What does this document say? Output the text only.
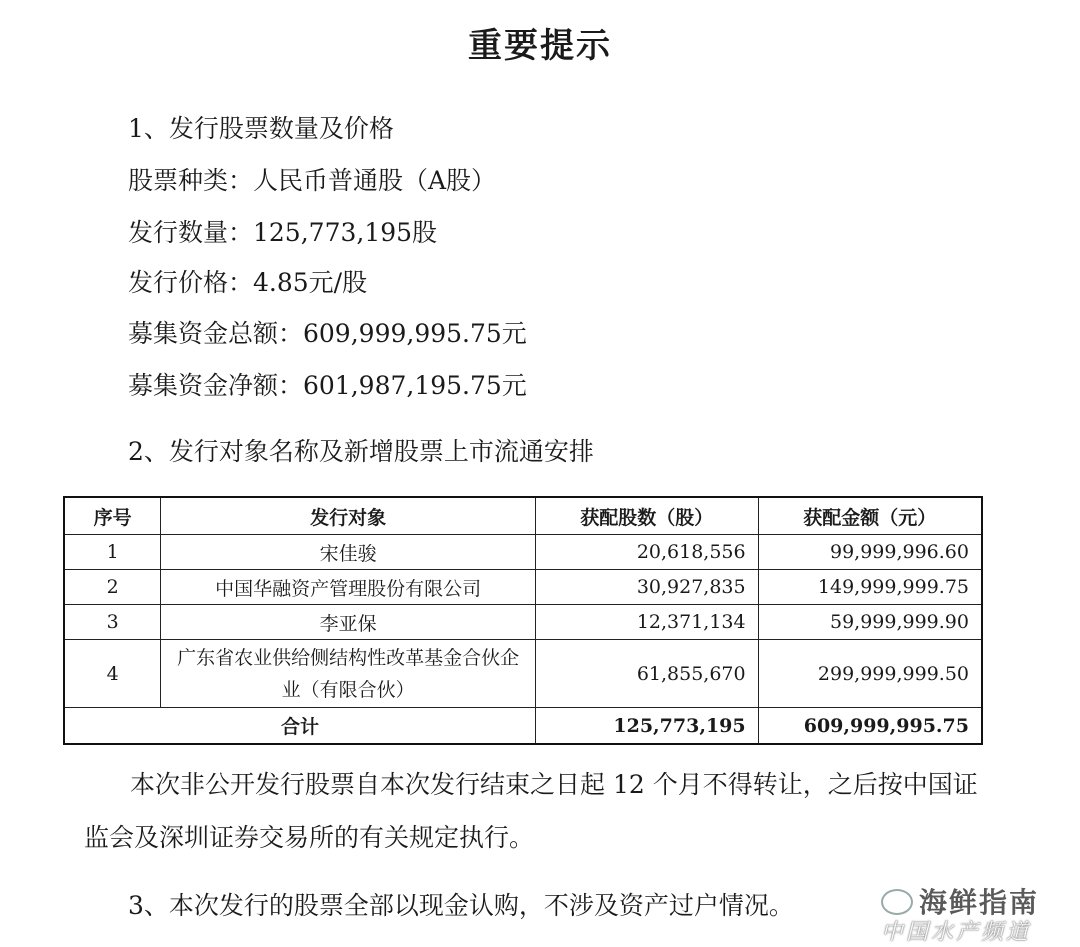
重要提示
1、发行股票数量及价格
股票种类：人民币普通股（A股）
发行数量：125,773,195股
发行价格：4.85元/股
募集资金总额：609,999,995.75元
募集资金净额：601,987,195.75元
2、发行对象名称及新增股票上市流通安排
序号	发行对象	获配股数（股）	获配金额（元）
1	宋佳骏	20,618,556	99,999,996.60
2	中国华融资产管理股份有限公司	30,927,835	149,999,999.75
3	李亚保	12,371,134	59,999,999.90
4	广东省农业供给侧结构性改革基金合伙企业（有限合伙）	61,855,670	299,999,999.50
合计		125,773,195	609,999,995.75
本次非公开发行股票自本次发行结束之日起 12 个月不得转让，之后按中国证监会及深圳证券交易所的有关规定执行。
3、本次发行的股票全部以现金认购，不涉及资产过户情况。	海鲜指南
中国水产频道
